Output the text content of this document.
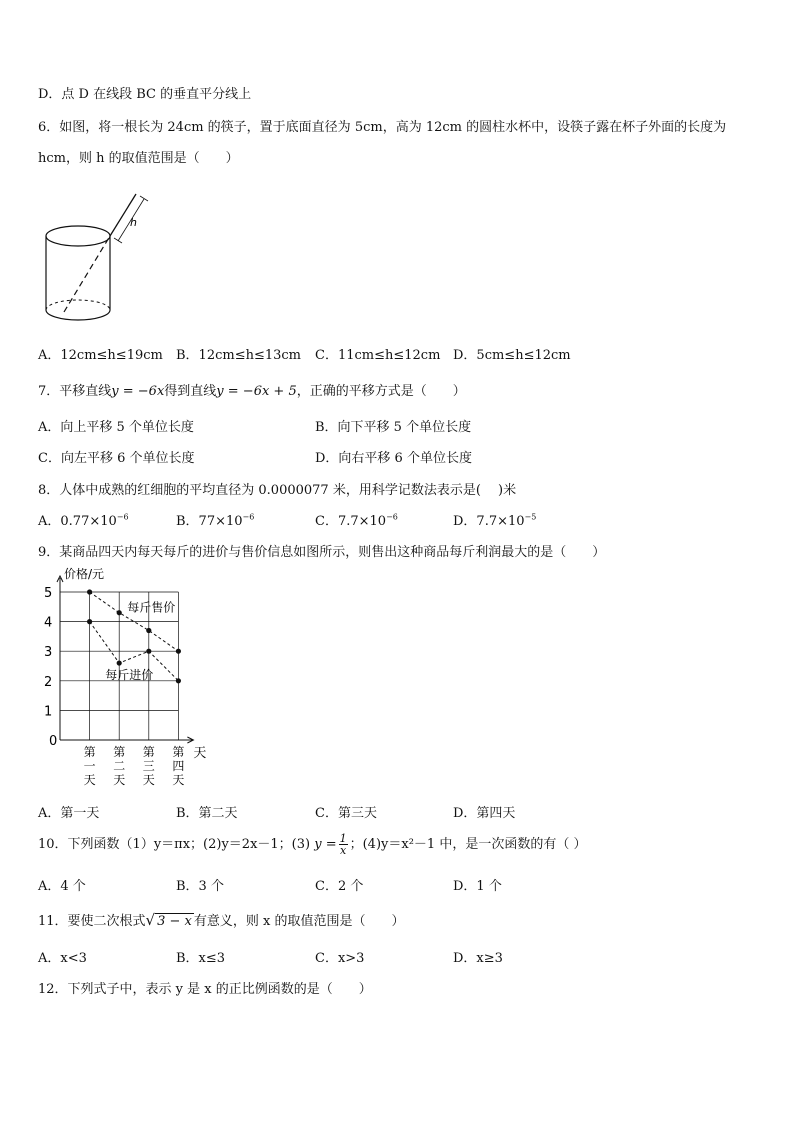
D．点 D 在线段 BC 的垂直平分线上
6．如图，将一根长为 24cm 的筷子，置于底面直径为 5cm，高为 12cm 的圆柱水杯中，设筷子露在杯子外面的长度为
hcm，则 h 的取值范围是（　　）
h
A．12cm≤h≤19cm B．12cm≤h≤13cm C．11cm≤h≤12cm D．5cm≤h≤12cm
7．平移直线y = −6x得到直线y = −6x + 5，正确的平移方式是（　　）
A．向上平移 5 个单位长度	B．向下平移 5 个单位长度
C．向左平移 6 个单位长度	D．向右平移 6 个单位长度
8．人体中成熟的红细胞的平均直径为 0.0000077 米，用科学记数法表示是(　 )米
A．$0.77\times 10^{-6}$	B．$77\times 10^{-6}$	C．$7.7\times 10^{-6}$	D．$7.7\times 10^{-5}$
9．某商品四天内每天每斤的进价与售价信息如图所示，则售出这种商品每斤利润最大的是（　　）
价格/元
天
0
1
2
3
4
5
第一天
第二天
第三天
第四天
每斤售价
每斤进价
A．第一天	B．第二天	C．第三天	D．第四天
10．下列函数（1）y＝πx；(2)y＝2x－1；(3) $y = \frac{1}{x}$ ；(4)y＝x²－1 中，是一次函数的有（ ）
A．4 个	B．3 个	C．2 个	D．1 个
11．要使二次根式√ 3 − x 有意义，则 x 的取值范围是（　　）
A．x<3	B．x≤3	C．x>3	D．x≥3
12．下列式子中，表示 y 是 x 的正比例函数的是（　　）
